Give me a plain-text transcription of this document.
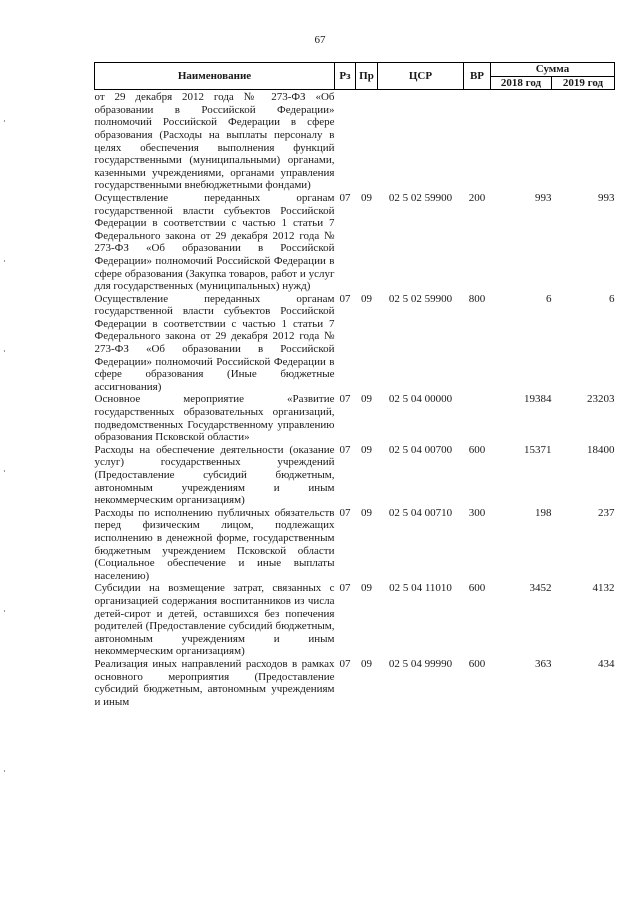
67
Наименование	Рз	Пр	ЦСР	ВР	Сумма	
					2018 год	2019 год
от 29 декабря 2012 года № 273-ФЗ «Об образовании в Российской Федерации» полномочий Российской Федерации в сфере образования (Расходы на выплаты персоналу в целях обеспечения выполнения функций государственными (муниципальными) органами, казенными учреждениями, органами управления государственными внебюджетными фондами)						
Осуществление переданных органам государственной власти субъектов Российской Федерации в соответствии с частью 1 статьи 7 Федерального закона от 29 декабря 2012 года № 273-ФЗ «Об образовании в Российской Федерации» полномочий Российской Федерации в сфере образования (Закупка товаров, работ и услуг для государственных (муниципальных) нужд)	07	09	02 5 02 59900	200	993	993
Осуществление переданных органам государственной власти субъектов Российской Федерации в соответствии с частью 1 статьи 7 Федерального закона от 29 декабря 2012 года № 273-ФЗ «Об образовании в Российской Федерации» полномочий Российской Федерации в сфере образования (Иные бюджетные ассигнования)	07	09	02 5 02 59900	800	6	6
Основное мероприятие «Развитие государственных образовательных организаций, подведомственных Государственному управлению образования Псковской области»	07	09	02 5 04 00000		19384	23203
Расходы на обеспечение деятельности (оказание услуг) государственных учреждений (Предоставление субсидий бюджетным, автономным учреждениям и иным некоммерческим организациям)	07	09	02 5 04 00700	600	15371	18400
Расходы по исполнению публичных обязательств перед физическим лицом, подлежащих исполнению в денежной форме, государственным бюджетным учреждением Псковской области (Социальное обеспечение и иные выплаты населению)	07	09	02 5 04 00710	300	198	237
Субсидии на возмещение затрат, связанных с организацией содержания воспитанников из числа детей-сирот и детей, оставшихся без попечения родителей (Предоставление субсидий бюджетным, автономным учреждениям и иным некоммерческим организациям)	07	09	02 5 04 11010	600	3452	4132
Реализация иных направлений расходов в рамках основного мероприятия (Предоставление субсидий бюджетным, автономным учреждениям и иным	07	09	02 5 04 99990	600	363	434
